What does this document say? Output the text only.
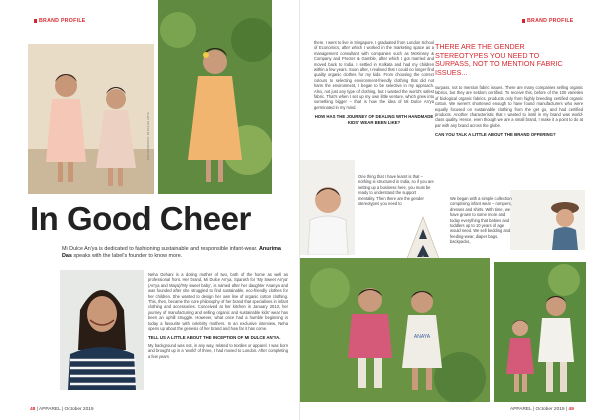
BRAND PROFILE
PHOTOGRAPHS: MI DULCE ANYA
In Good Cheer
Mi Dulce An'ya is dedicated to fashioning sustainable and responsible infant-wear. Anurima Das speaks with the label's founder to know more.

Neha Gehani is a doting mother of two, both of the home as well as professional front. Her brand, Mi Dulce An'ya, Spanish for 'My Sweet An'ya' (An'ya and Maya)/'My sweet baby', is named after her daughter Ananya and was founded after she struggled to find sustainable, eco-friendly clothes for her children. She wanted to design her own line of organic cotton clothing. This, then, became the core philosophy of her brand that specialises in infant clothing and accessories. Conceived at her kitchen in January 2013, her journey of manufacturing and selling organic and sustainable kids' wear has been an uphill struggle. However, what once had a humble beginning is today a favourite with celebrity mothers. In an exclusive interview, Neha opens up about the genesis of her brand and how far it has come.

TELL US A LITTLE ABOUT THE INCEPTION OF MI DULCE AN'YA.

My background was not, in any way, related to textiles or apparel. I was born and brought up in a 'world' of three, I had moved to London. After completing a few years

48 | APPAREL | October 2019
BRAND PROFILE

there, I went to live in Singapore. I graduated from London School of Economics, after which I worked in the marketing space as a management consultant with companies such as McKinsey & Company and Procter & Gamble, after which I got married and moved back to India. I settled in Kolkata and had my children within a few years. Soon after, I realised that I could no longer find quality organic clothes for my kids. From choosing the correct colours to selecting environment-friendly clothing that did not harm the environment, I began to be selective in my approach. Also, not just any type of clothing, but I wanted the world's safest fabric. That's when I set up my own little venture, which grew into something bigger – that is how the idea of Mi Dulce An'ya germinated in my mind.

HOW HAS THE JOURNEY OF DEALING WITH HANDMADE KIDS' WEAR BEEN LIKE?

One thing that I have learnt is that – nothing is structured in India, so if you are setting up a business here, you must be ready to understand the support mentality. Then there are the gender stereotypes you need to

THERE ARE THE GENDER STEREOTYPES YOU NEED TO SURPASS, NOT TO MENTION FABRIC ISSUES...

surpass, not to mention fabric issues. There are many companies selling organic fabrics, but they are seldom certified. To receive this, before of the 100 varieties of biological organic fabrics, products only from highly breeding certified organic cotton. We weren't shortened enough to have found manufacturers who were equally focused on sustainable clothing from the get go, and had certified products. Another characteristic that I wanted to instil in my brand was world-class quality. Hence, even though we are a small brand, I make it a point to do at par with any brand across the globe.

CAN YOU TALK A LITTLE ABOUT THE BRAND OFFERING?

We began with a simple collection comprising infant wear – rompers, dresses and shirts. With time, we have grown to some more and today everything that babies and toddlers up to 10 years of age would need. We sell bedding and feeding-wear, diaper bags, backpacks,

ANAYA
APPAREL | October 2019 | 49
